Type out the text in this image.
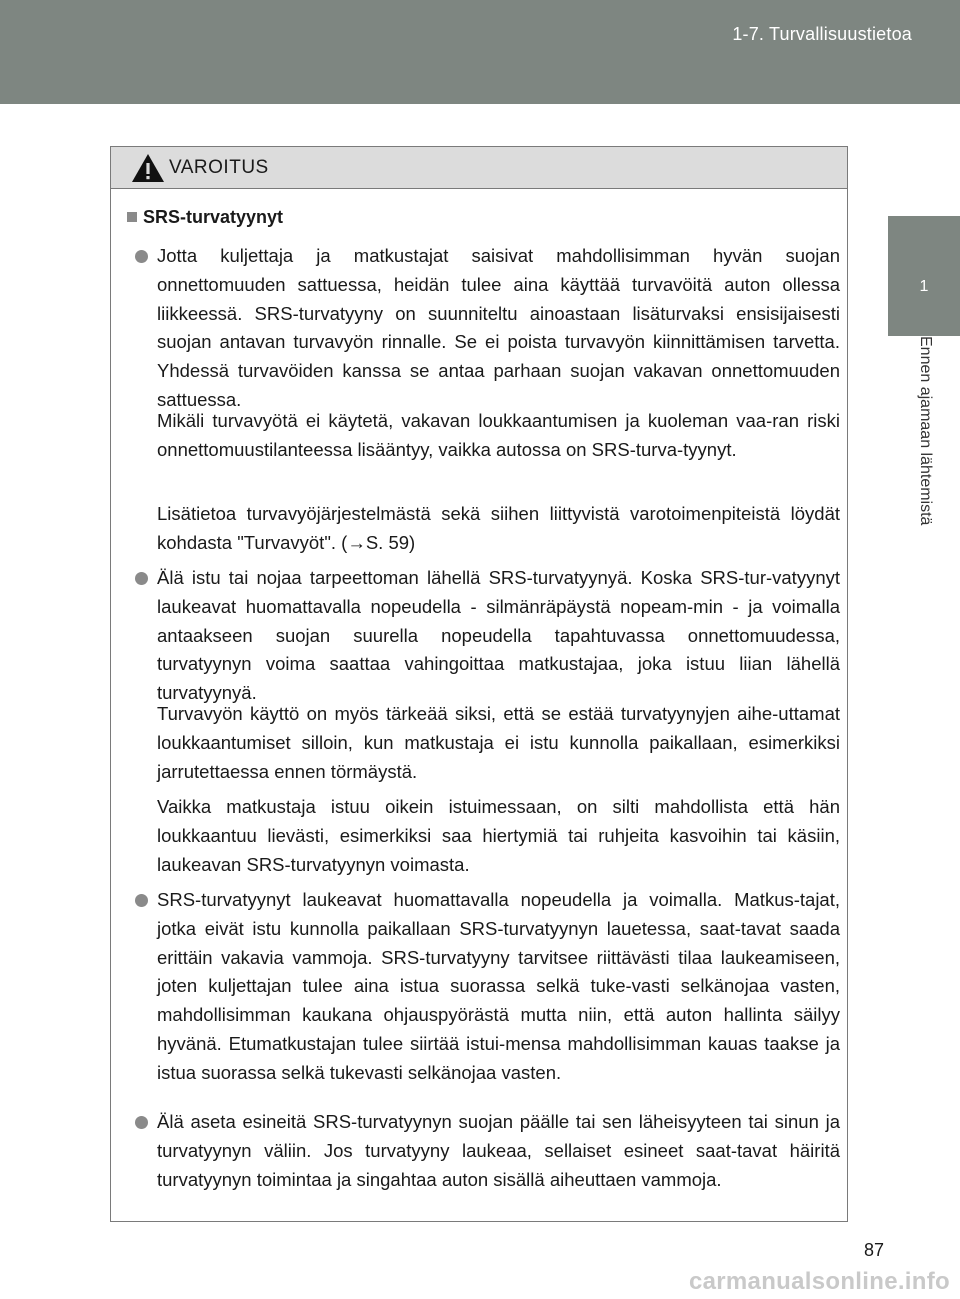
1-7. Turvallisuustietoa
1
Ennen ajamaan lähtemistä
VAROITUS
SRS-turvatyynyt
Jotta kuljettaja ja matkustajat saisivat mahdollisimman hyvän suojan onnettomuuden sattuessa, heidän tulee aina käyttää turvavöitä auton ollessa liikkeessä. SRS-turvatyyny on suunniteltu ainoastaan lisäturvaksi ensisijaisesti suojan antavan turvavyön rinnalle. Se ei poista turvavyön kiinnittämisen tarvetta. Yhdessä turvavöiden kanssa se antaa parhaan suojan vakavan onnettomuuden sattuessa.
Mikäli turvavyötä ei käytetä, vakavan loukkaantumisen ja kuoleman vaa-ran riski onnettomuustilanteessa lisääntyy, vaikka autossa on SRS-turva-tyynyt.
Lisätietoa turvavyöjärjestelmästä sekä siihen liittyvistä varotoimenpiteistä löydät kohdasta "Turvavyöt". (→S. 59)
Älä istu tai nojaa tarpeettoman lähellä SRS-turvatyynyä. Koska SRS-tur-vatyynyt laukeavat huomattavalla nopeudella - silmänräpäystä nopeam-min - ja voimalla antaakseen suojan suurella nopeudella tapahtuvassa onnettomuudessa, turvatyynyn voima saattaa vahingoittaa matkustajaa, joka istuu liian lähellä turvatyynyä.
Turvavyön käyttö on myös tärkeää siksi, että se estää turvatyynyjen aihe-uttamat loukkaantumiset silloin, kun matkustaja ei istu kunnolla paikallaan, esimerkiksi jarrutettaessa ennen törmäystä.
Vaikka matkustaja istuu oikein istuimessaan, on silti mahdollista että hän loukkaantuu lievästi, esimerkiksi saa hiertymiä tai ruhjeita kasvoihin tai käsiin, laukeavan SRS-turvatyynyn voimasta.
SRS-turvatyynyt laukeavat huomattavalla nopeudella ja voimalla. Matkus-tajat, jotka eivät istu kunnolla paikallaan SRS-turvatyynyn lauetessa, saat-tavat saada erittäin vakavia vammoja. SRS-turvatyyny tarvitsee riittävästi tilaa laukeamiseen, joten kuljettajan tulee aina istua suorassa selkä tuke-vasti selkänojaa vasten, mahdollisimman kaukana ohjauspyörästä mutta niin, että auton hallinta säilyy hyvänä. Etumatkustajan tulee siirtää istui-mensa mahdollisimman kauas taakse ja istua suorassa selkä tukevasti selkänojaa vasten.
Älä aseta esineitä SRS-turvatyynyn suojan päälle tai sen läheisyyteen tai sinun ja turvatyynyn väliin. Jos turvatyyny laukeaa, sellaiset esineet saat-tavat häiritä turvatyynyn toimintaa ja singahtaa auton sisällä aiheuttaen vammoja.
87
carmanualsonline.info
